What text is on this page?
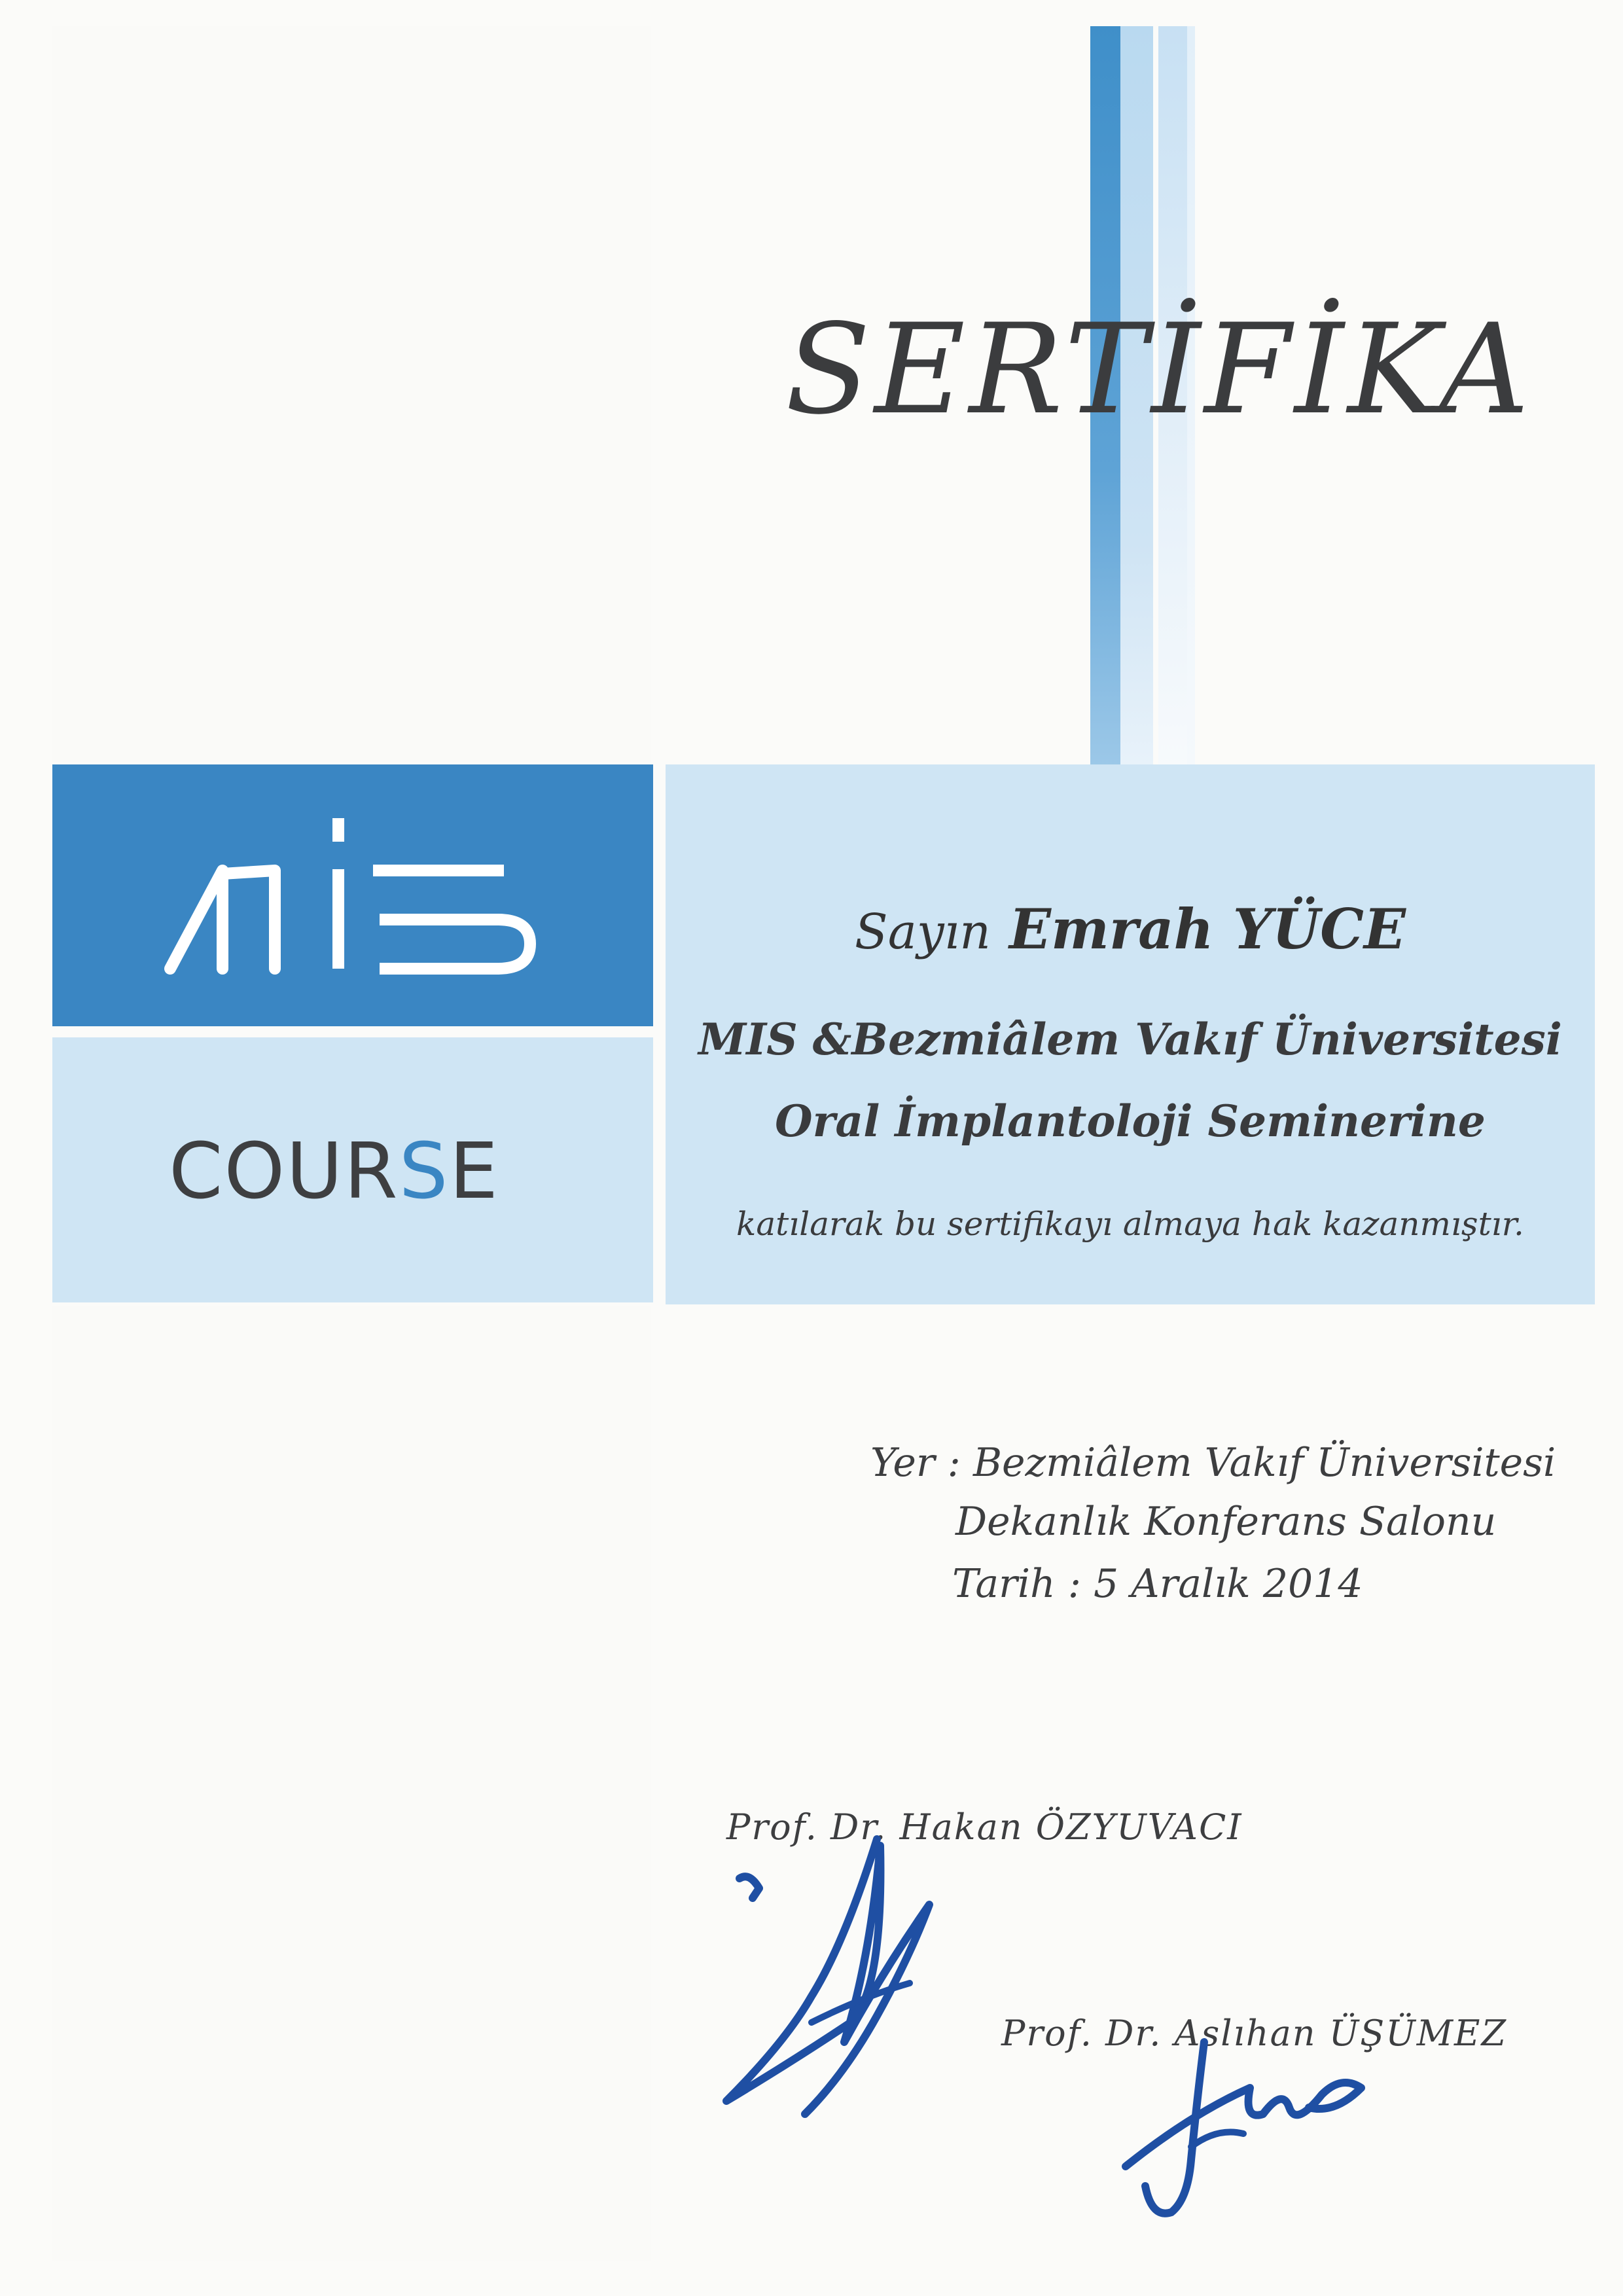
SERTİFİKA
COURSE
Sayın Emrah YÜCE
MIS &Bezmiâlem Vakıf Üniversitesi
Oral İmplantoloji Seminerine
katılarak bu sertifikayı almaya hak kazanmıştır.
Yer : Bezmiâlem Vakıf Üniversitesi
Dekanlık Konferans Salonu
Tarih : 5 Aralık 2014
Prof. Dr. Hakan ÖZYUVACI
Prof. Dr. Aslıhan ÜŞÜMEZ
